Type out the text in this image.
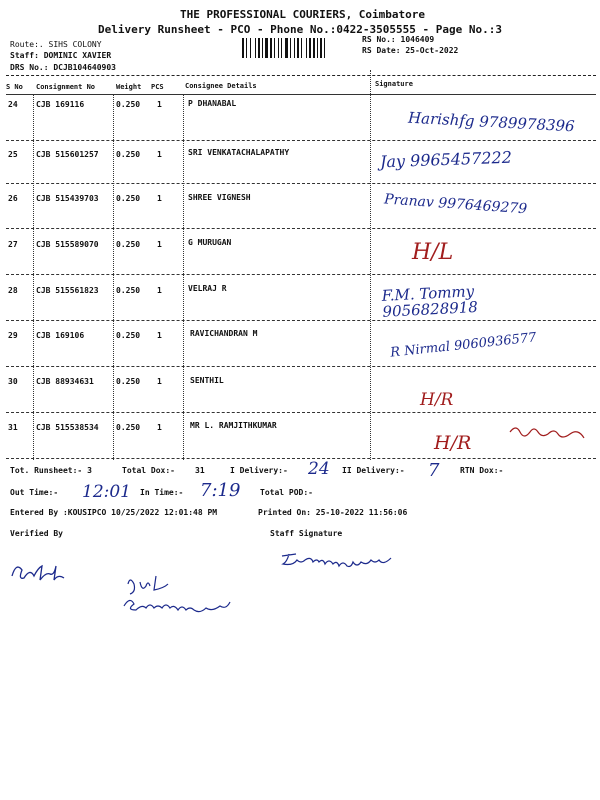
THE PROFESSIONAL COURIERS, Coimbatore
Delivery Runsheet - PCO - Phone No.:0422-3505555 - Page No.:3
Route:. SIHS COLONY
Staff: DOMINIC XAVIER
DRS No.: DCJB104640903
RS No.: 1046409
RS Date: 25-Oct-2022
S No Consignment No	Weight PCS	Consignee Details	Signature
24 CJB 169116	0.250 1	P DHANABAL
Harishfg 9789978396
25 CJB 515601257 0.250 1	SRI VENKATACHALAPATHY	Jay 9965457222
26 CJB 515439703 0.250 1	SHREE VIGNESH	Pranav 9976469279
27 CJB 515589070 0.250 1	G MURUGAN	H/L
28 CJB 515561823 0.250 1	VELRAJ R	F.M. Tommy 9056828918
29 CJB 169106	0.250 1	RAVICHANDRAN M	R Nirmal 9060936577
30 CJB 88934631	0.250 1	SENTHIL
H/R
31 CJB 515538534 0.250 1	MR L. RAMJITHKUMAR
H/R
Tot. Runsheet:- 3	Total Dox:-	31	I Delivery:- 24 II Delivery:- 7	RTN Dox:-
Out Time:- 12:01 In Time:- 7:19 Total POD:-
Entered By :KOUSIPCO 10/25/2022 12:01:48 PM	Printed On: 25-10-2022 11:56:06
Verified By	Staff Signature
